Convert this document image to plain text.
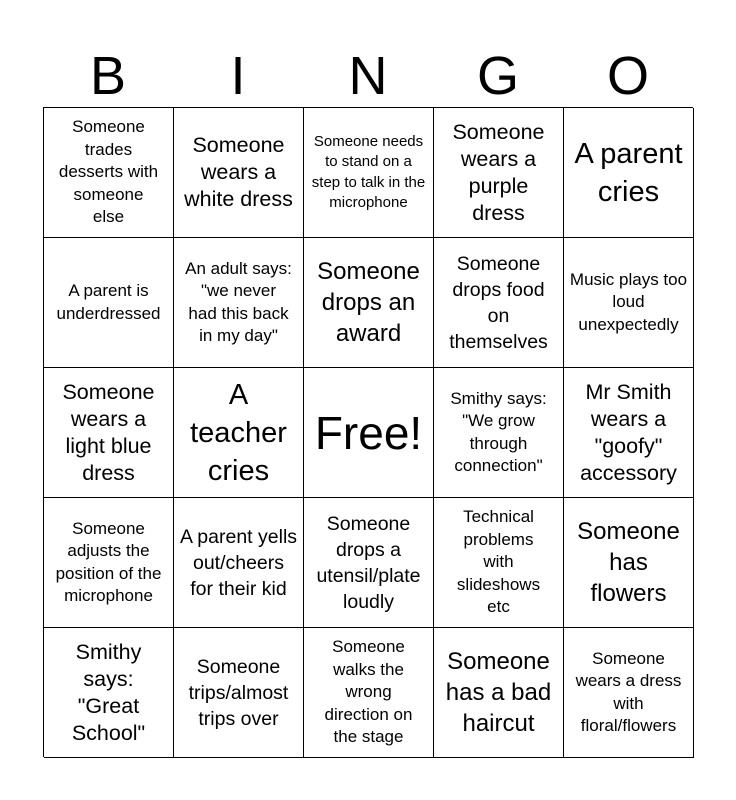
B	I	N	G	O
Someone trades desserts with someone else
Someone wears a white dress
Someone needs to stand on a step to talk in the microphone
Someone wears a purple dress
A parent cries
A parent is underdressed
An adult says: "we never had this back in my day"
Someone drops an award
Someone drops food on themselves
Music plays too loud unexpectedly
Someone wears a light blue dress
A teacher cries
Free!
Smithy says: "We grow through connection"
Mr Smith wears a "goofy" accessory
Someone adjusts the position of the microphone
A parent yells out/cheers for their kid
Someone drops a utensil/plate loudly
Technical problems with slideshows etc
Someone has flowers
Smithy says: "Great School"
Someone trips/almost trips over
Someone walks the wrong direction on the stage
Someone has a bad haircut
Someone wears a dress with floral/flowers
